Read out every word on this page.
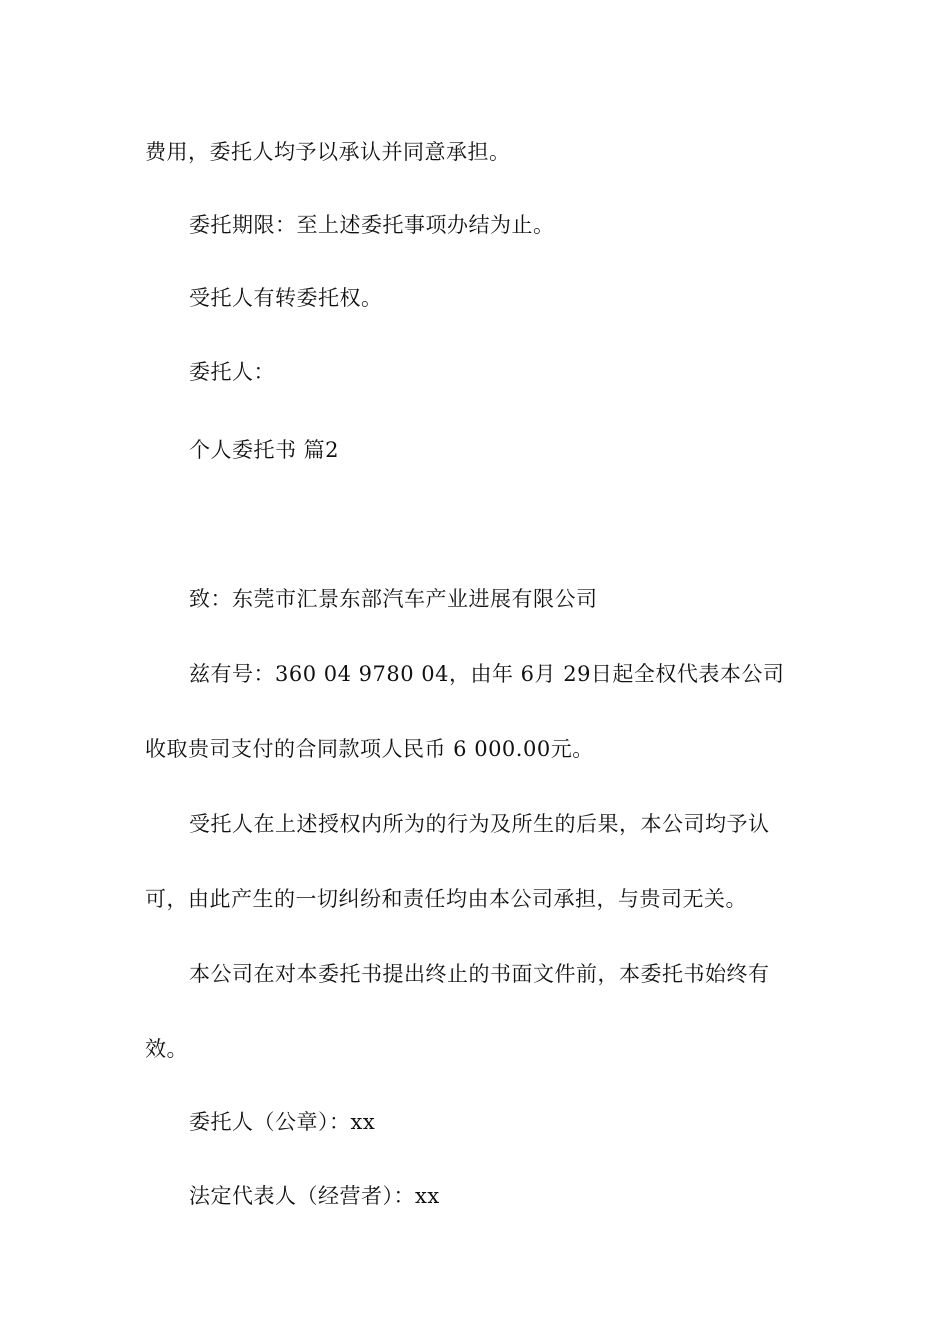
费用，委托人均予以承认并同意承担。
委托期限：至上述委托事项办结为止。
受托人有转委托权。
委托人：
个人委托书 篇2
致：东莞市汇景东部汽车产业进展有限公司
兹有号：360 04 9780 04，由年 6月 29日起全权代表本公司
收取贵司支付的合同款项人民币 6 000.00元。
受托人在上述授权内所为的行为及所生的后果，本公司均予认
可，由此产生的一切纠纷和责任均由本公司承担，与贵司无关。
本公司在对本委托书提出终止的书面文件前，本委托书始终有
效。
委托人（公章）：xx
法定代表人（经营者）：xx
